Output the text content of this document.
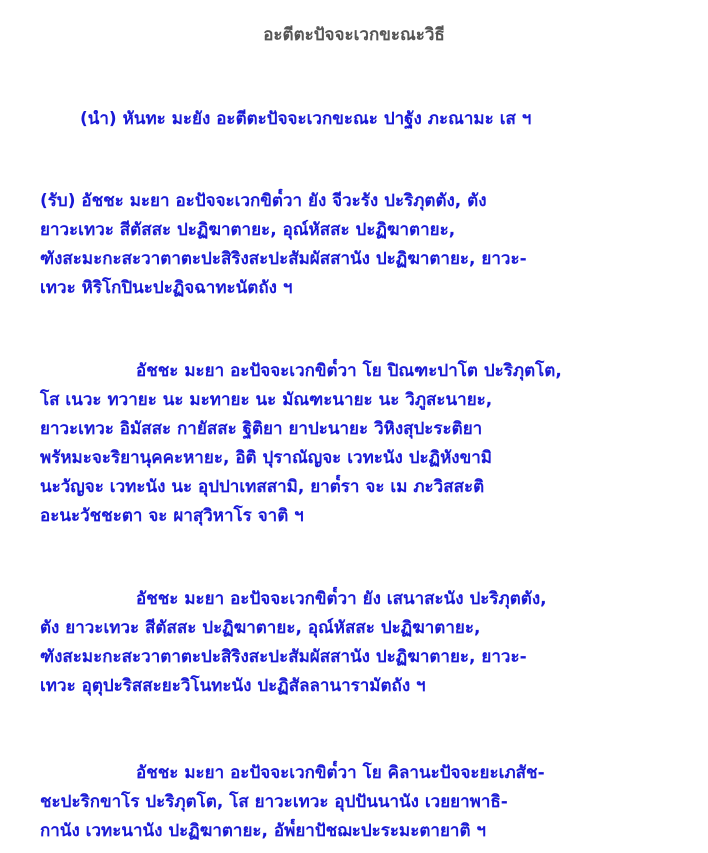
อะตีตะปัจจะเวกขะณะวิธี

(นำ) หันทะ มะยัง อะตีตะปัจจะเวกขะณะ ปาฐัง ภะณามะ เส ฯ

(รับ) อัชชะ มะยา อะปัจจะเวกขิต๎วา ยัง จีวะรัง ปะริภุตตัง, ตัง
ยาวะเทวะ สีตัสสะ ปะฏิฆาตายะ, อุณ์หัสสะ ปะฏิฆาตายะ,
ฑังสะมะกะสะวาตาตะปะสิริงสะปะสัมผัสสานัง ปะฏิฆาตายะ, ยาวะ-
เทวะ หิริโกปินะปะฏิจฉาทะนัตถัง ฯ

อัชชะ มะยา อะปัจจะเวกขิต๎วา โย ปิณฑะปาโต ปะริภุตโต,
โส เนวะ ทวายะ นะ มะทายะ นะ มัณฑะนายะ นะ วิภูสะนายะ,
ยาวะเทวะ อิมัสสะ กายัสสะ ฐิติยา ยาปะนายะ วิหิงสุปะระติยา
พรัหมะจะริยานุคคะหายะ, อิติ ปุราณัญจะ เวทะนัง ปะฏิหังขามิ
นะวัญจะ เวทะนัง นะ อุปปาเทสสามิ, ยาต๎รา จะ เม ภะวิสสะติ
อะนะวัชชะตา จะ ผาสุวิหาโร จาติ ฯ

อัชชะ มะยา อะปัจจะเวกขิต๎วา ยัง เสนาสะนัง ปะริภุตตัง,
ตัง ยาวะเทวะ สีตัสสะ ปะฏิฆาตายะ, อุณ์หัสสะ ปะฏิฆาตายะ,
ฑังสะมะกะสะวาตาตะปะสิริงสะปะสัมผัสสานัง ปะฏิฆาตายะ, ยาวะ-
เทวะ อุตุปะริสสะยะวิโนทะนัง ปะฏิสัลลานารามัตถัง ฯ

อัชชะ มะยา อะปัจจะเวกขิต๎วา โย คิลานะปัจจะยะเภสัช-
ชะปะริกขาโร ปะริภุตโต, โส ยาวะเทวะ อุปปันนานัง เวยยาพาธิ-
กานัง เวทะนานัง ปะฏิฆาตายะ, อัพ๎ยาปัชฌะปะระมะตายาติ ฯ
